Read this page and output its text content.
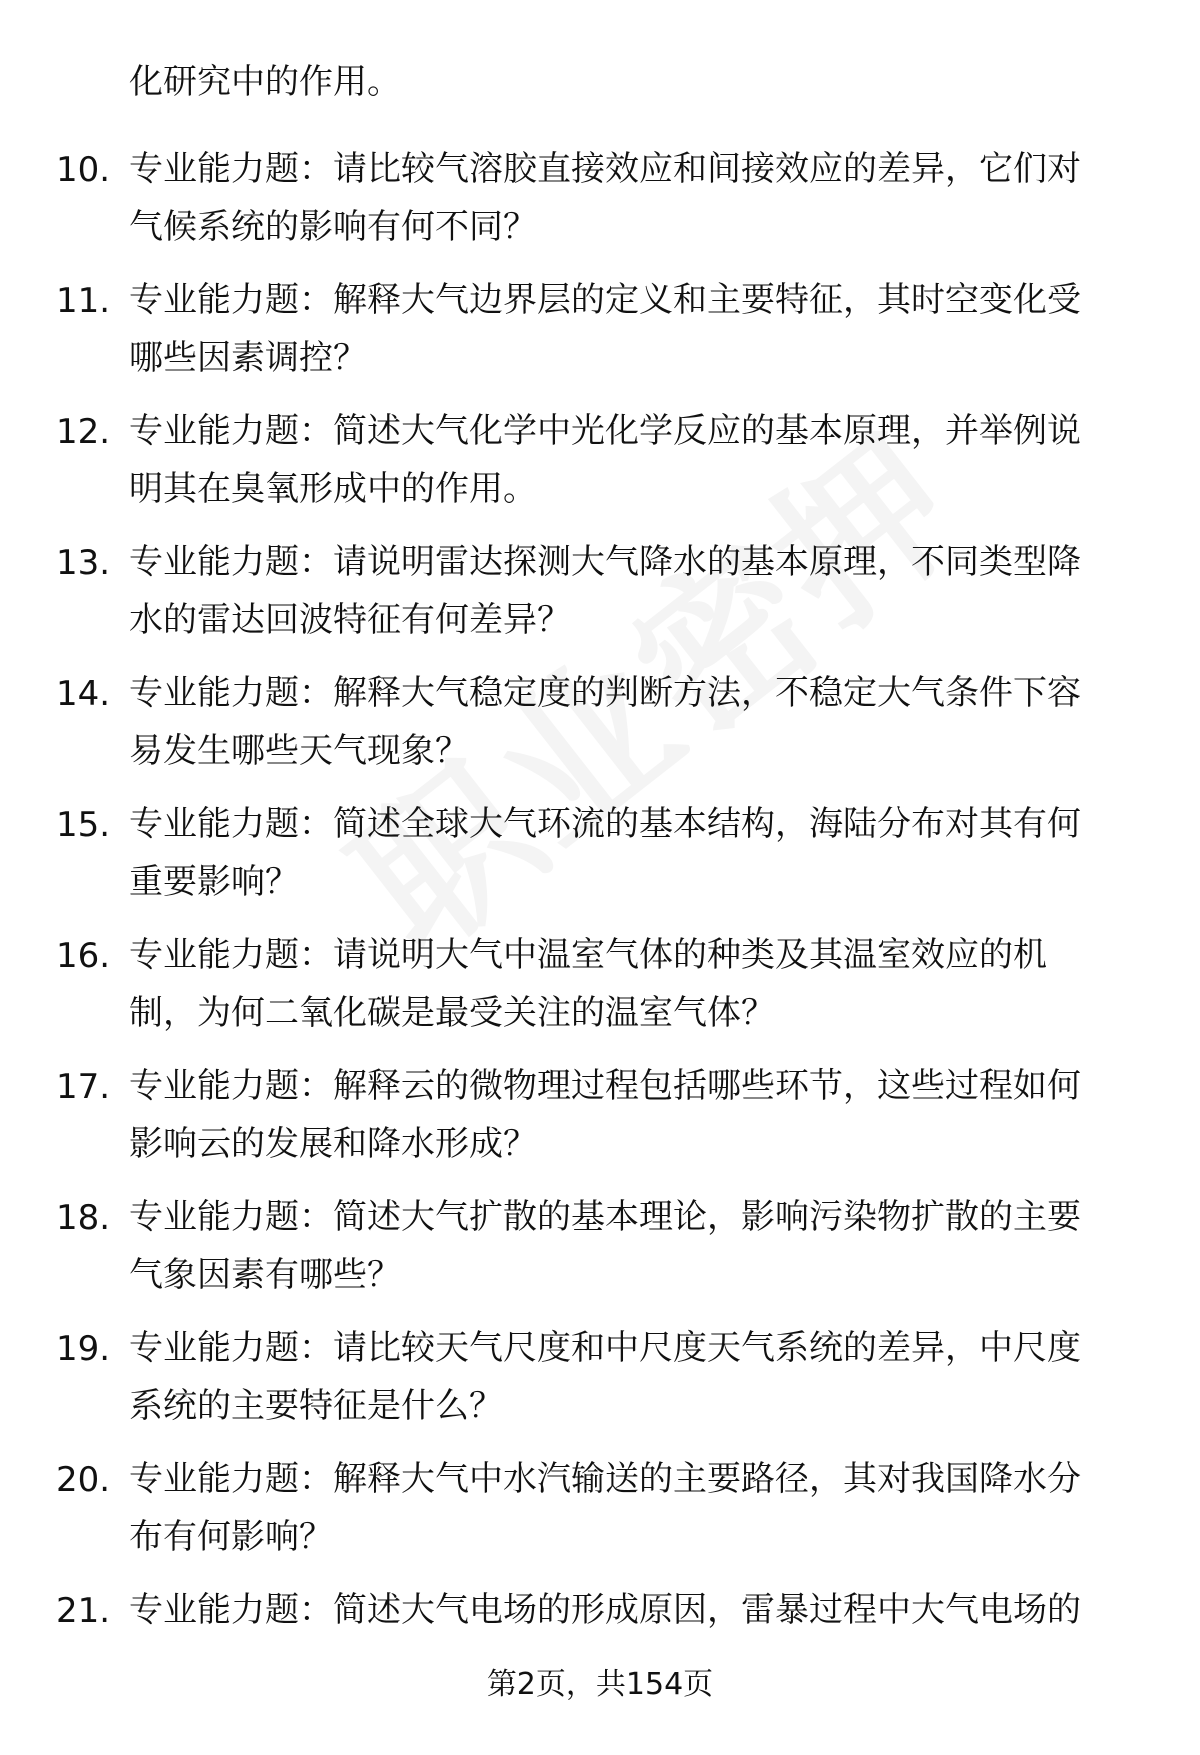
化研究中的作用。
10. 专业能力题：请比较气溶胶直接效应和间接效应的差异，它们对
气候系统的影响有何不同？
11. 专业能力题：解释大气边界层的定义和主要特征，其时空变化受
哪些因素调控？
12. 专业能力题：简述大气化学中光化学反应的基本原理，并举例说
明其在臭氧形成中的作用。
13. 专业能力题：请说明雷达探测大气降水的基本原理，不同类型降
水的雷达回波特征有何差异？
14. 专业能力题：解释大气稳定度的判断方法，不稳定大气条件下容
易发生哪些天气现象？
15. 专业能力题：简述全球大气环流的基本结构，海陆分布对其有何
重要影响？
16. 专业能力题：请说明大气中温室气体的种类及其温室效应的机
制，为何二氧化碳是最受关注的温室气体？
17. 专业能力题：解释云的微物理过程包括哪些环节，这些过程如何
影响云的发展和降水形成？
18. 专业能力题：简述大气扩散的基本理论，影响污染物扩散的主要
气象因素有哪些？
19. 专业能力题：请比较天气尺度和中尺度天气系统的差异，中尺度
系统的主要特征是什么？
20. 专业能力题：解释大气中水汽输送的主要路径，其对我国降水分
布有何影响？
21. 专业能力题：简述大气电场的形成原因，雷暴过程中大气电场的
第2页，共154页
